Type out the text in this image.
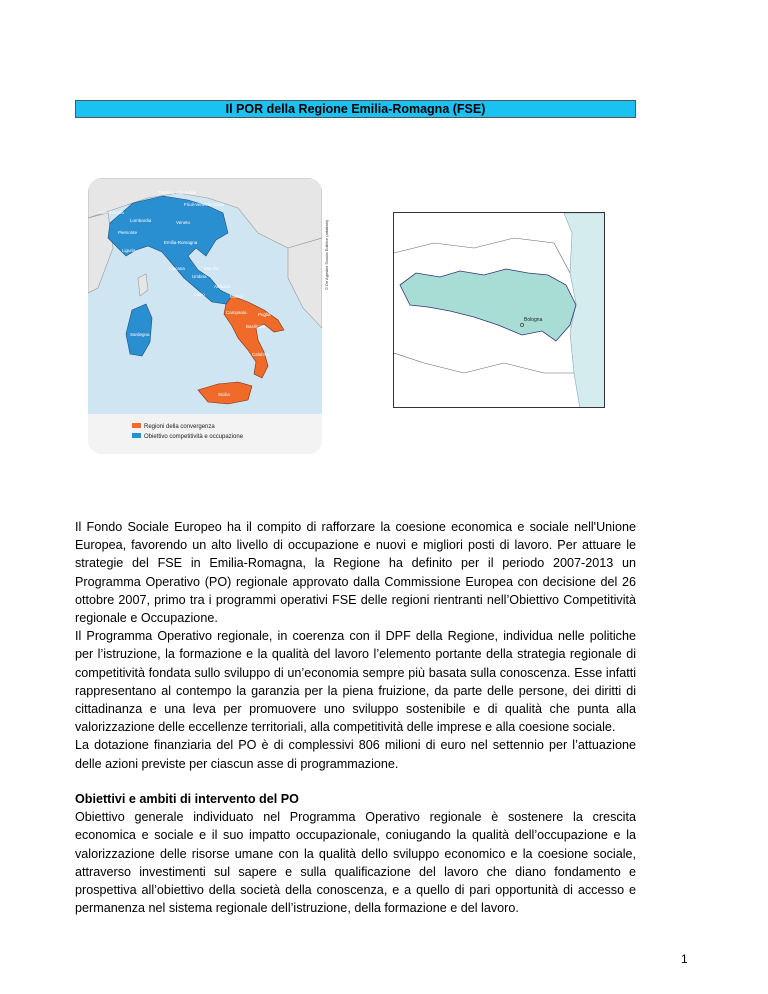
Il POR della Regione Emilia-Romagna (FSE)
Regioni della convergenza
Obiettivo competitività e occupazione
Trentino-Alto Adige
Valle d'Aosta
Lombardia
Friuli-Venezia Giulia
Veneto
Piemonte
Liguria
Emilia-Romagna
Toscana	Marche
Umbria
Lazio
Abruzzo
Molise
Campania	Puglia
Basilicata
Sardegna
Calabria
Sicilia
© De Agostini Scuola Editrice (adattato)
Bologna

Il Fondo Sociale Europeo ha il compito di rafforzare la coesione economica e sociale nell'Unione Europea, favorendo un alto livello di occupazione e nuovi e migliori posti di lavoro. Per attuare le strategie del FSE in Emilia-Romagna, la Regione ha definito per il periodo 2007-2013 un Programma Operativo (PO) regionale approvato dalla Commissione Europea con decisione del 26 ottobre 2007, primo tra i programmi operativi FSE delle regioni rientranti nell’Obiettivo Competitività regionale e Occupazione.

Il Programma Operativo regionale, in coerenza con il DPF della Regione, individua nelle politiche per l’istruzione, la formazione e la qualità del lavoro l’elemento portante della strategia regionale di competitività fondata sullo sviluppo di un’economia sempre più basata sulla conoscenza. Esse infatti rappresentano al contempo la garanzia per la piena fruizione, da parte delle persone, dei diritti di cittadinanza e una leva per promuovere uno sviluppo sostenibile e di qualità che punta alla valorizzazione delle eccellenze territoriali, alla competitività delle imprese e alla coesione sociale.

La dotazione finanziaria del PO è di complessivi 806 milioni di euro nel settennio per l’attuazione delle azioni previste per ciascun asse di programmazione.

Obiettivi e ambiti di intervento del PO

Obiettivo generale individuato nel Programma Operativo regionale è sostenere la crescita economica e sociale e il suo impatto occupazionale, coniugando la qualità dell’occupazione e la valorizzazione delle risorse umane con la qualità dello sviluppo economico e la coesione sociale, attraverso investimenti sul sapere e sulla qualificazione del lavoro che diano fondamento e prospettiva all’obiettivo della società della conoscenza, e a quello di pari opportunità di accesso e permanenza nel sistema regionale dell’istruzione, della formazione e del lavoro.

1
